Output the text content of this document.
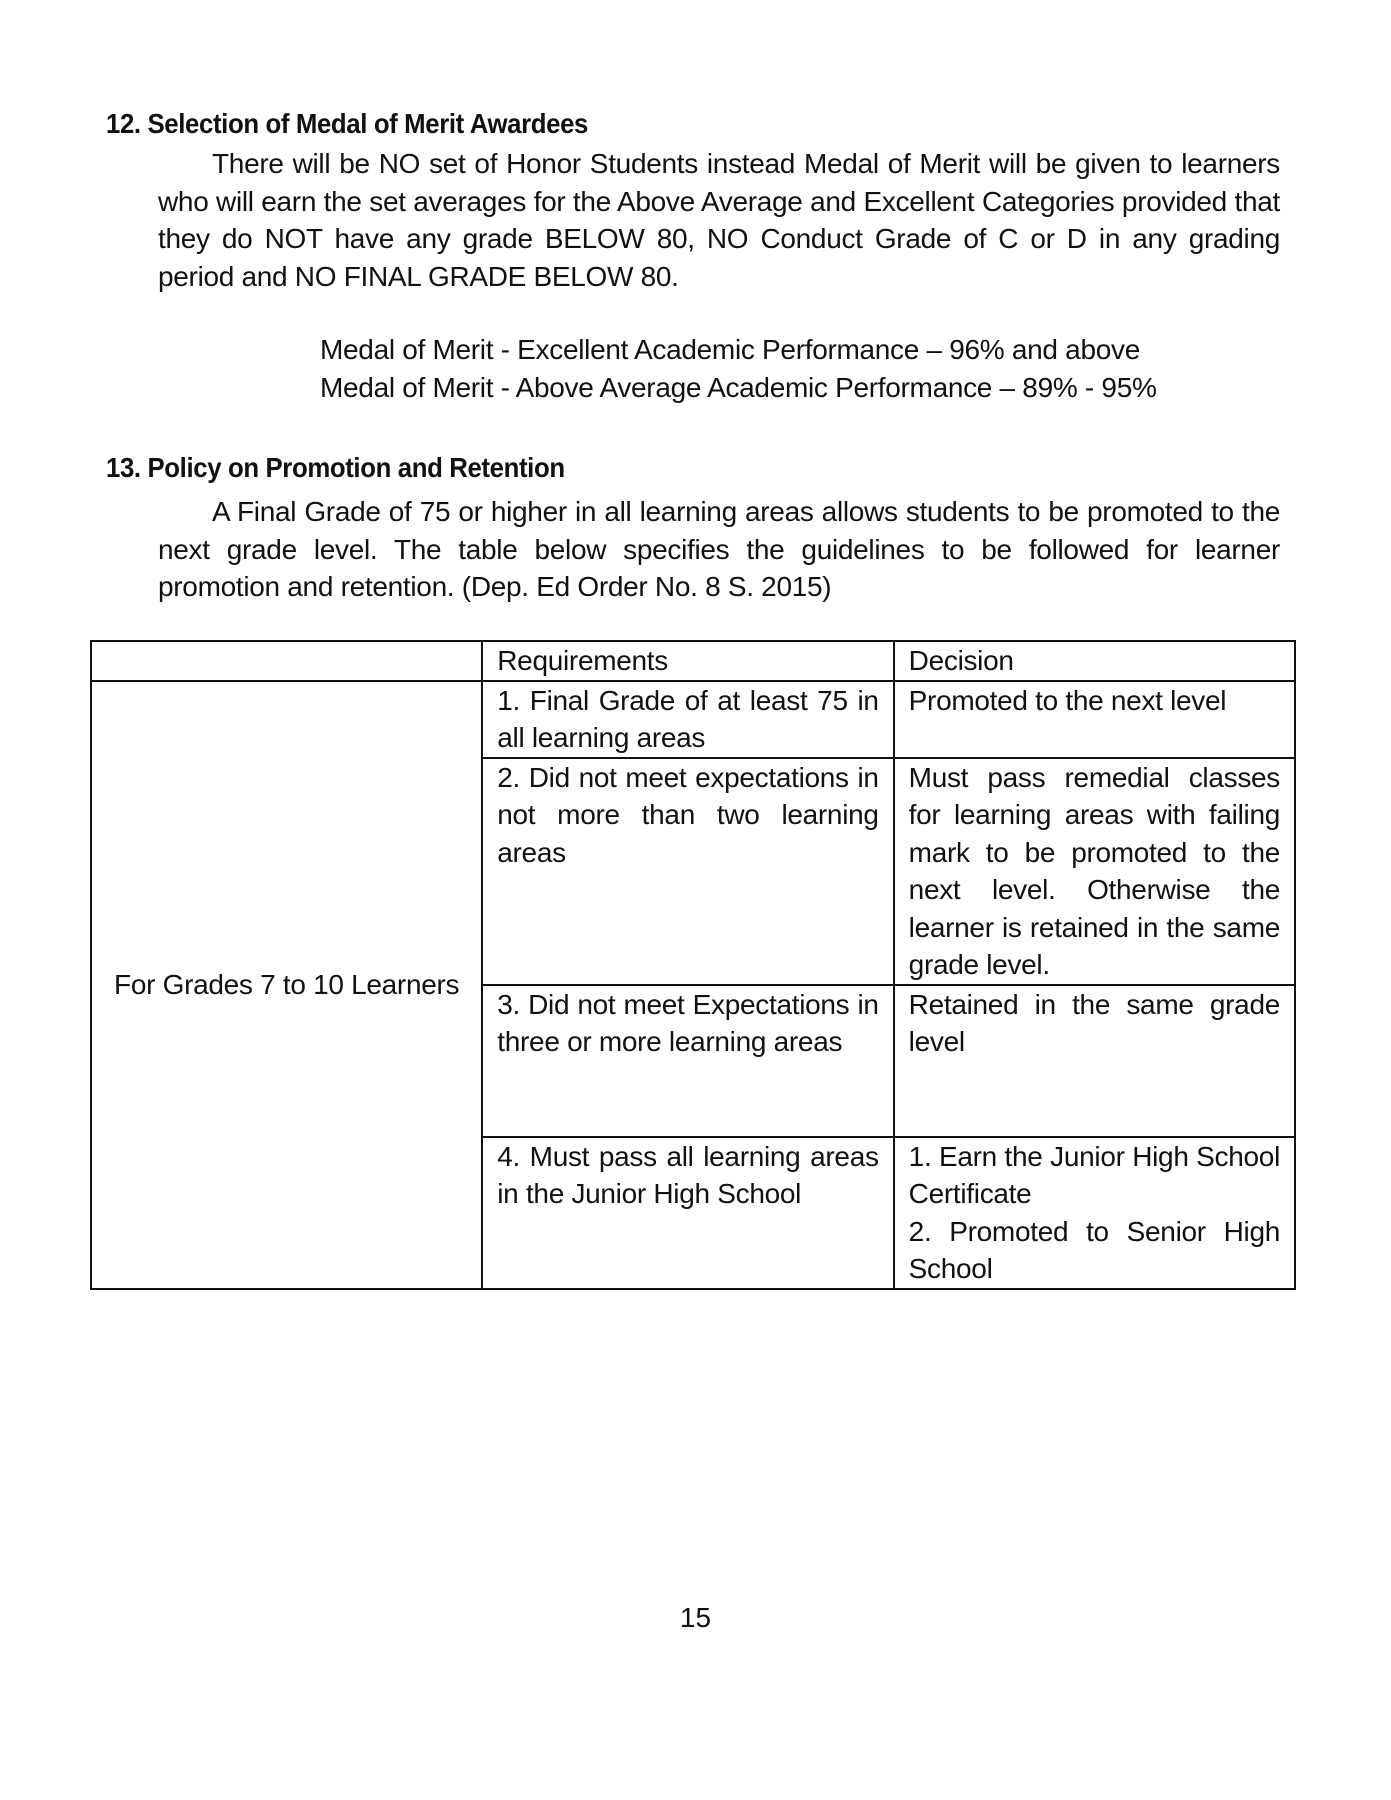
12. Selection of Medal of Merit Awardees
There will be NO set of Honor Students instead Medal of Merit will be given to learners who will earn the set averages for the Above Average and Excellent Categories provided that they do NOT have any grade BELOW 80, NO Conduct Grade of C or D in any grading period and NO FINAL GRADE BELOW 80.
Medal of Merit - Excellent Academic Performance – 96% and above
Medal of Merit - Above Average Academic Performance – 89% - 95%
13. Policy on Promotion and Retention
A Final Grade of 75 or higher in all learning areas allows students to be promoted to the next grade level. The table below specifies the guidelines to be followed for learner promotion and retention. (Dep. Ed Order No. 8 S. 2015)
	Requirements	Decision
For Grades 7 to 10 Learners	1. Final Grade of at least 75 in all learning areas	Promoted to the next level
	2. Did not meet expectations in not more than two learning areas	Must pass remedial classes for learning areas with failing mark to be promoted to the next level. Otherwise the learner is retained in the same grade level.
	3. Did not meet Expectations in three or more learning areas	Retained in the same grade level
	4. Must pass all learning areas in the Junior High School	1. Earn the Junior High School Certificate
2. Promoted to Senior High School
15
